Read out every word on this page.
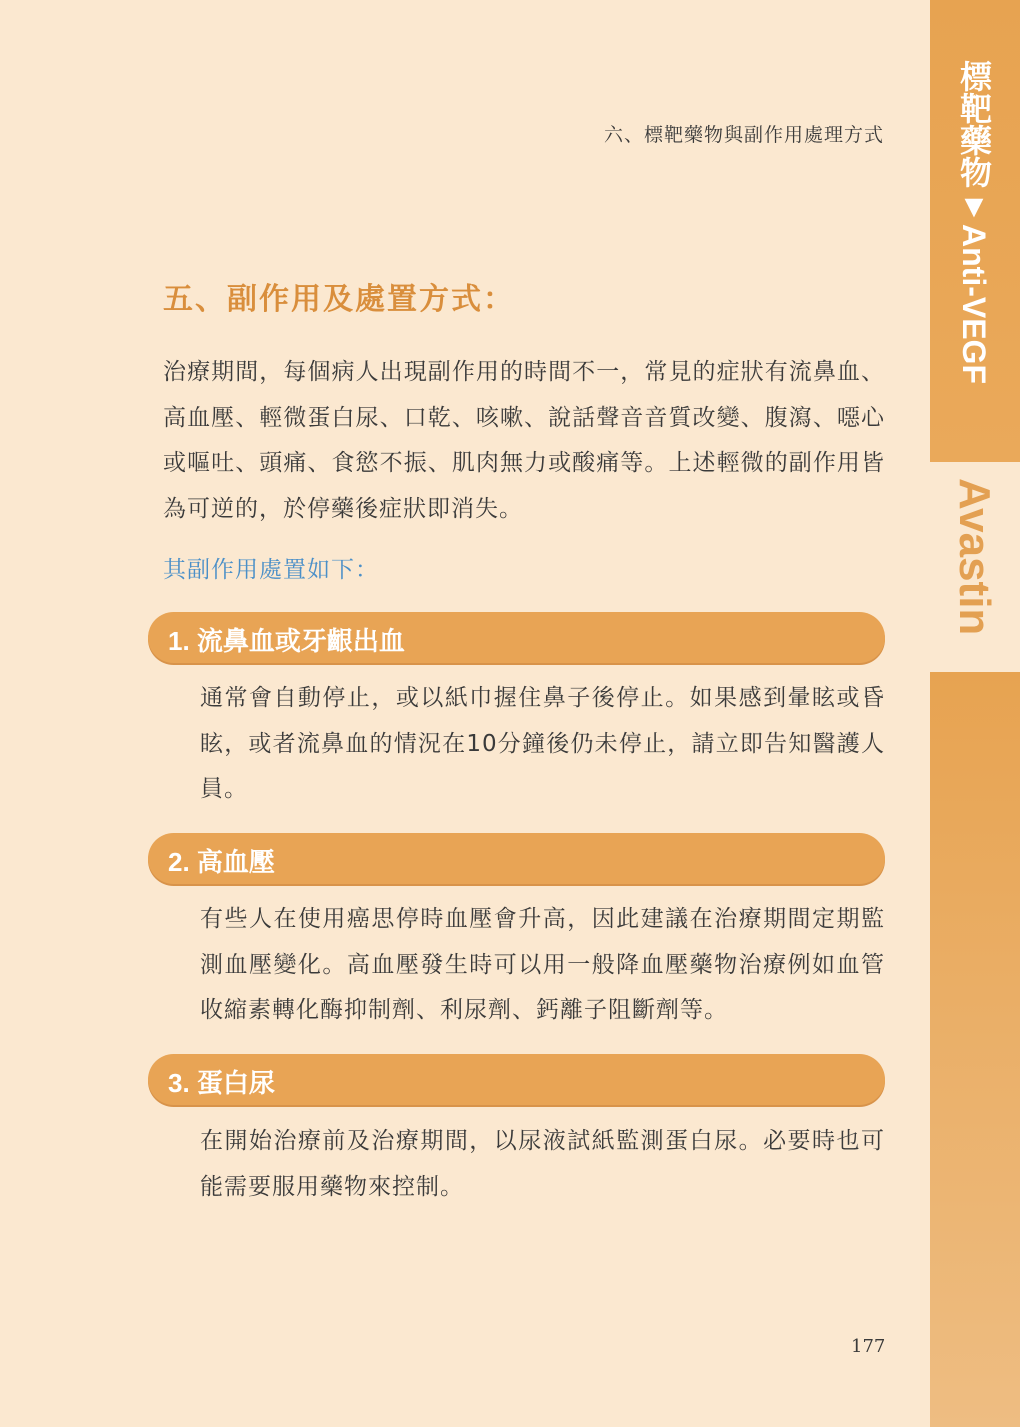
標靶藥物▼Anti-VEGF
Avastin
六、標靶藥物與副作用處理方式
五、副作用及處置方式：
治療期間，每個病人出現副作用的時間不一，常見的症狀有流鼻血、高血壓、輕微蛋白尿、口乾、咳嗽、說話聲音音質改變、腹瀉、噁心或嘔吐、頭痛、食慾不振、肌肉無力或酸痛等。上述輕微的副作用皆為可逆的，於停藥後症狀即消失。
其副作用處置如下：
1. 流鼻血或牙齦出血
通常會自動停止，或以紙巾握住鼻子後停止。如果感到暈眩或昏眩，或者流鼻血的情況在10分鐘後仍未停止，請立即告知醫護人員。
2. 高血壓
有些人在使用癌思停時血壓會升高，因此建議在治療期間定期監測血壓變化。高血壓發生時可以用一般降血壓藥物治療例如血管收縮素轉化酶抑制劑、利尿劑、鈣離子阻斷劑等。
3. 蛋白尿
在開始治療前及治療期間，以尿液試紙監測蛋白尿。必要時也可能需要服用藥物來控制。
177
